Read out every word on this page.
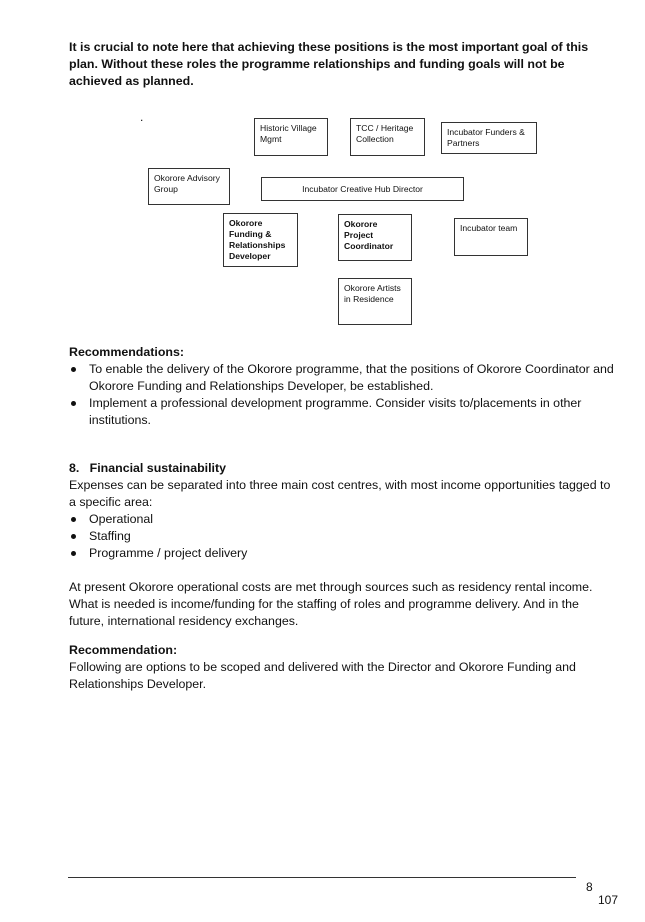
It is crucial to note here that achieving these positions is the most important goal of this plan. Without these roles the programme relationships and funding goals will not be achieved as planned.
.
Historic Village Mgmt
TCC / Heritage Collection
Incubator Funders & Partners
Okorore Advisory Group	Incubator Creative Hub Director
Okorore Funding & Relationships Developer
Okorore Project Coordinator
Incubator team
Okorore Artists in Residence
Recommendations:
To enable the delivery of the Okorore programme, that the positions of Okorore Coordinator and Okorore Funding and Relationships Developer, be established.
Implement a professional development programme. Consider visits to/placements in other institutions.
8.   Financial sustainability

Expenses can be separated into three main cost centres, with most income opportunities tagged to a specific area:

Operational
Staffing
Programme / project delivery

At present Okorore operational costs are met through sources such as residency rental income. What is needed is income/funding for the staffing of roles and programme delivery. And in the future, international residency exchanges.

Recommendation:

Following are options to be scoped and delivered with the Director and Okorore Funding and Relationships Developer.

8
107
